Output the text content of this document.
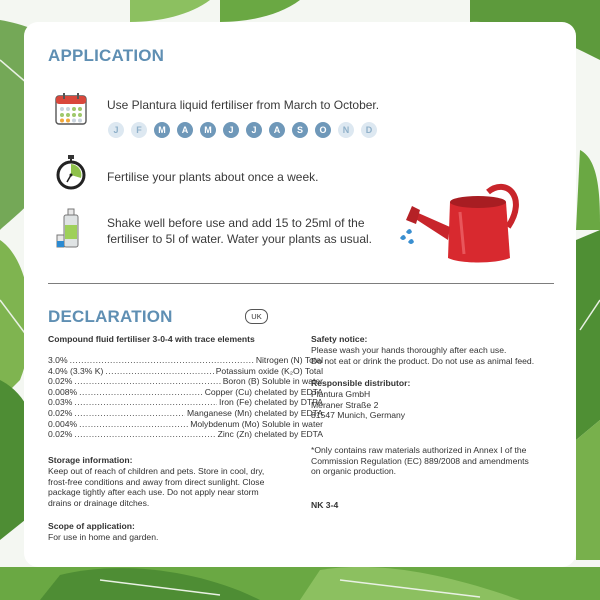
APPLICATION
Use Plantura liquid fertiliser from March to October.
J	F	M	A	M	J	J	A	S	O	N	D
Fertilise your plants about once a week.
Shake well before use and add 15 to 25ml of the
fertiliser to 5l of water. Water your plants as usual.
DECLARATION	UK
Compound fluid fertiliser 3-0-4 with trace elements
3.0% .....	Nitrogen (N) Total
4.0% (3.3% K) .....	Potassium oxide (K₂O) Total
0.02% .....	Boron (B) Soluble in water
0.008% .....	Copper (Cu) chelated by EDTA
0.03% .....	Iron (Fe) chelated by DTPA
0.02% .....	Manganese (Mn) chelated by EDTA
0.004% .....	Molybdenum (Mo) Soluble in water
0.02% .....	Zinc (Zn) chelated by EDTA
Storage information:
Keep out of reach of children and pets. Store in cool, dry,
frost-free conditions and away from direct sunlight. Close
package tightly after each use. Do not apply near storm
drains or drainage ditches.
Scope of application:
For use in home and garden.
Safety notice:
Please wash your hands thoroughly after each use.
Do not eat or drink the product. Do not use as animal feed.
Responsible distributor:
Plantura GmbH
Meraner Straße 2
81547 Munich, Germany
*Only contains raw materials authorized in Annex I of the
Commission Regulation (EC) 889/2008 and amendments
on organic production.
NK 3-4
